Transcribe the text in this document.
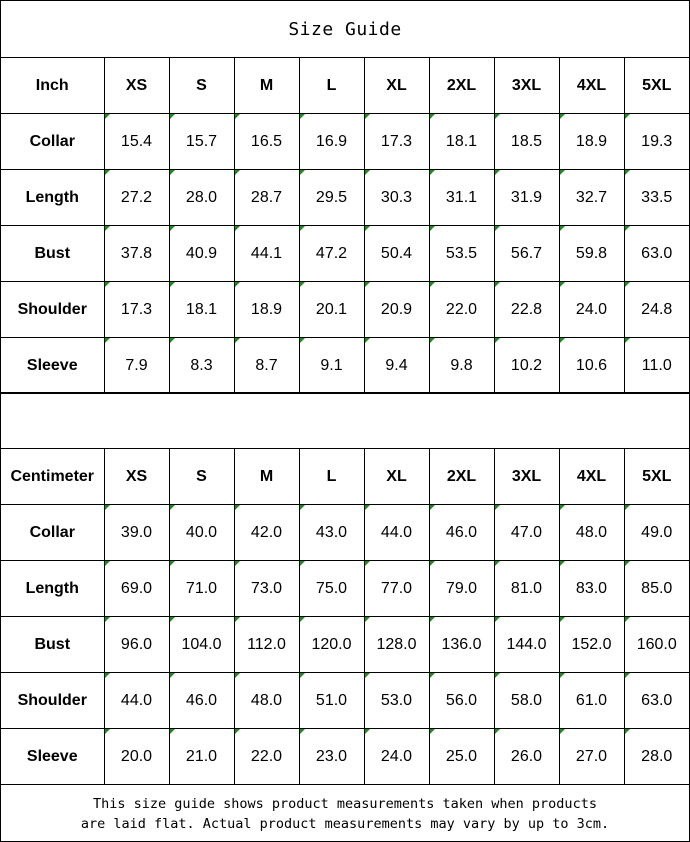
Size Guide
Inch	XS	S	M	L	XL	2XL	3XL	4XL	5XL
Collar	15.4	15.7	16.5	16.9	17.3	18.1	18.5	18.9	19.3
Length	27.2	28.0	28.7	29.5	30.3	31.1	31.9	32.7	33.5
Bust	37.8	40.9	44.1	47.2	50.4	53.5	56.7	59.8	63.0
Shoulder	17.3	18.1	18.9	20.1	20.9	22.0	22.8	24.0	24.8
Sleeve	7.9	8.3	8.7	9.1	9.4	9.8	10.2	10.6	11.0
Centimeter	XS	S	M	L	XL	2XL	3XL	4XL	5XL
Collar	39.0	40.0	42.0	43.0	44.0	46.0	47.0	48.0	49.0
Length	69.0	71.0	73.0	75.0	77.0	79.0	81.0	83.0	85.0
Bust	96.0	104.0	112.0	120.0	128.0	136.0	144.0	152.0	160.0
Shoulder	44.0	46.0	48.0	51.0	53.0	56.0	58.0	61.0	63.0
Sleeve	20.0	21.0	22.0	23.0	24.0	25.0	26.0	27.0	28.0
This size guide shows product measurements taken when products
are laid flat. Actual product measurements may vary by up to 3cm.
